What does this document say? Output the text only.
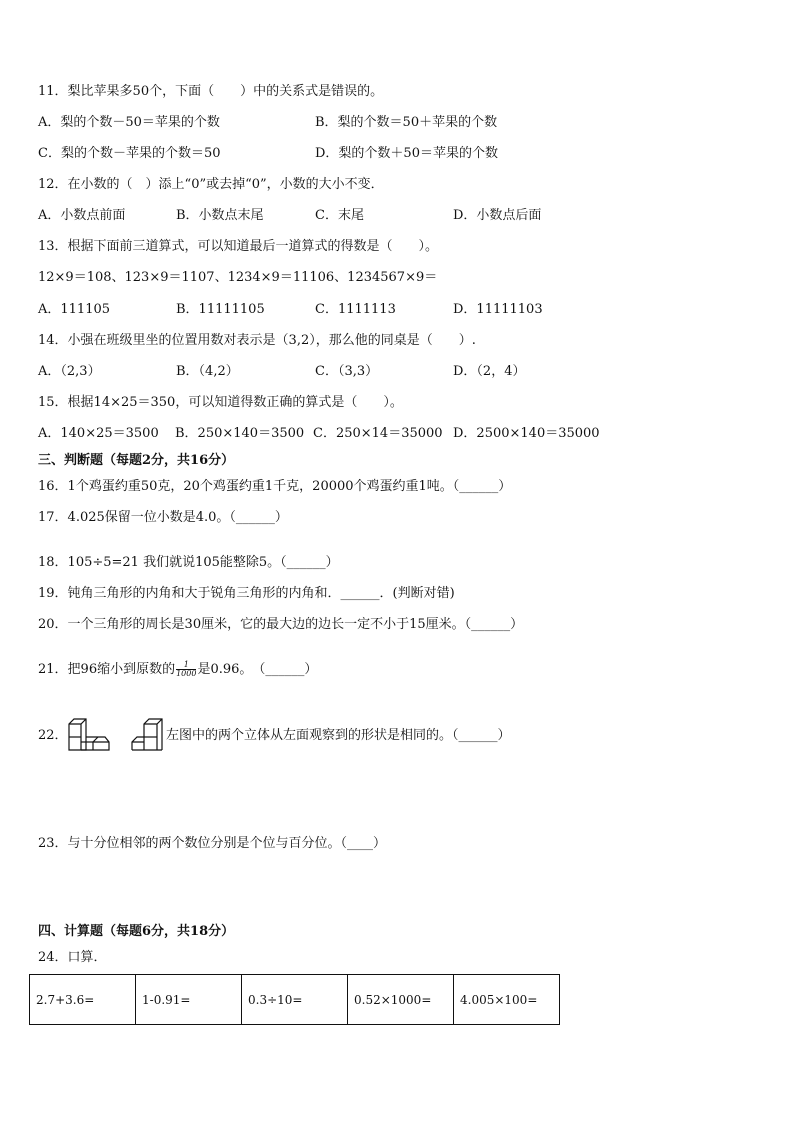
11．梨比苹果多50个，下面（　　）中的关系式是错误的。
A．梨的个数－50＝苹果的个数	B．梨的个数＝50＋苹果的个数
C．梨的个数－苹果的个数＝50	D．梨的个数＋50＝苹果的个数
12．在小数的（　）添上“0”或去掉“0”，小数的大小不变．
A．小数点前面	B．小数点末尾	C．末尾	D．小数点后面
13．根据下面前三道算式，可以知道最后一道算式的得数是（　　）。
12×9＝108、123×9＝1107、1234×9＝11106、1234567×9＝
A．111105	B．11111105	C．1111113	D．11111103
14．小强在班级里坐的位置用数对表示是（3,2），那么他的同桌是（　　）.
A．（2,3）	B．（4,2）	C．（3,3）	D．（2，4）
15．根据14×25＝350，可以知道得数正确的算式是（　　）。
A．140×25＝3500 B．250×140＝3500 C．250×14＝35000 D．2500×140＝35000
三、判断题（每题2分，共16分）
16．1个鸡蛋约重50克，20个鸡蛋约重1千克，20000个鸡蛋约重1吨。（______）
17．4.025保留一位小数是4.0。（______）
18．105÷5=21 我们就说105能整除5。（______）
19．钝角三角形的内角和大于锐角三角形的内角和．______．(判断对错)
20．一个三角形的周长是30厘米，它的最大边的边长一定不小于15厘米。（______）
21．把96缩小到原数的 $\frac{1}{1000}$ 是0.96。　（______）
22．	左图中的两个立体从左面观察到的形状是相同的。（______）
23．与十分位相邻的两个数位分别是个位与百分位。（____）
四、计算题（每题6分，共18分）
24．口算．
2.7+3.6=	1-0.91=	0.3÷10=	0.52×1000=	4.005×100=
